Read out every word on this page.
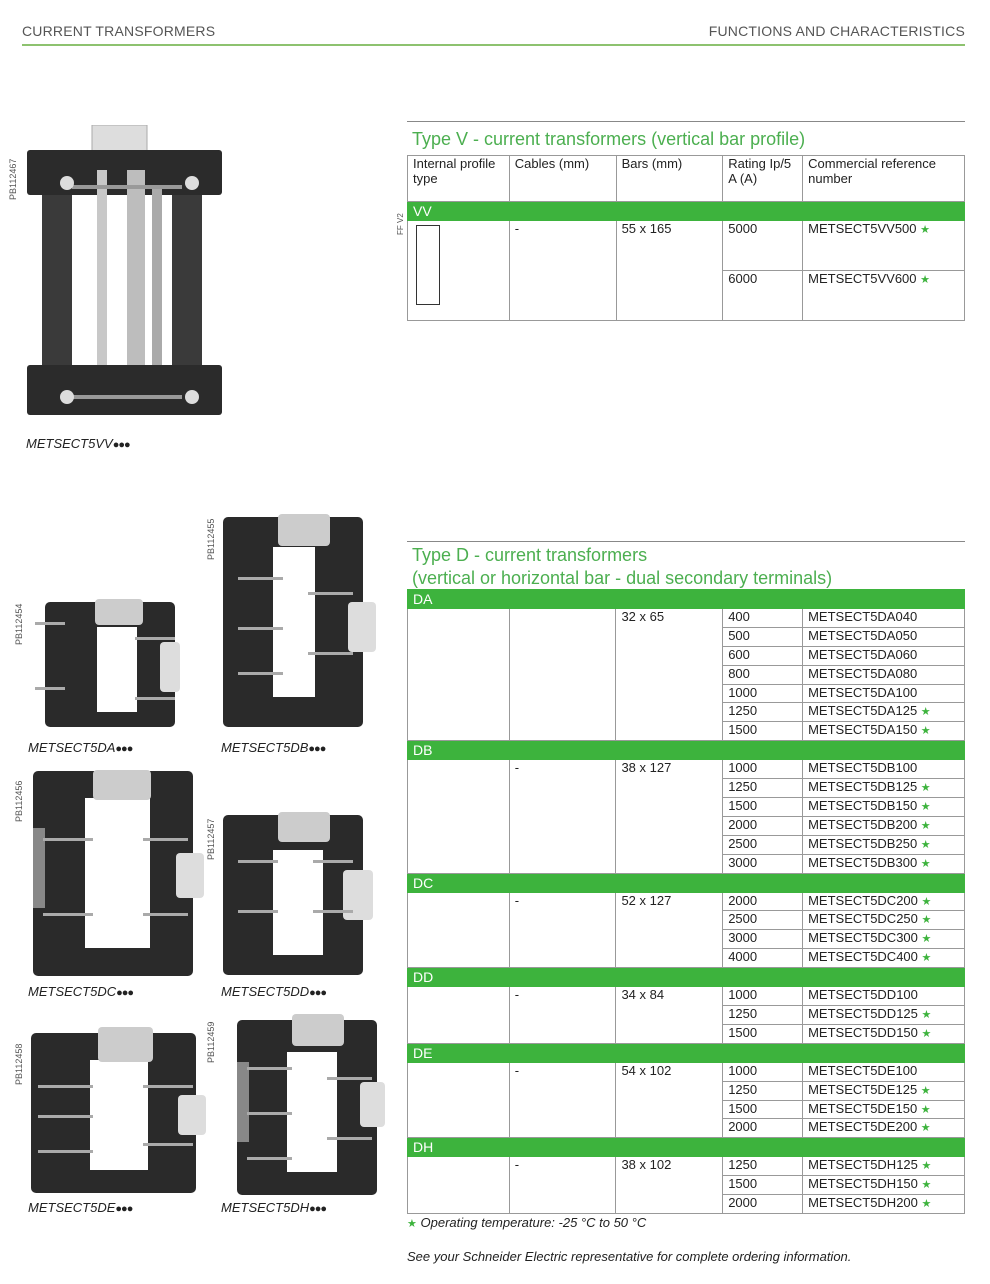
CURRENT TRANSFORMERS	FUNCTIONS AND CHARACTERISTICS
PB112467
METSECT5VV●●●
PB112454
METSECT5DA●●●
PB112455
METSECT5DB●●●
PB112456
METSECT5DC●●●
PB112457
METSECT5DD●●●
PB112458
METSECT5DE●●●
PB112459
METSECT5DH●●●
Type V - current transformers (vertical bar profile)
Internal profile type	Cables (mm)	Bars (mm)	Rating Ip/5 A (A)	Commercial reference number
VV				

	-	55 x 165	5000	METSECT5VV500 ★
			6000	METSECT5VV600 ★
FF V2
Type D - current transformers
(vertical or horizontal bar - dual secondary terminals)
DA				
		32 x 65	400	METSECT5DA040
			500	METSECT5DA050
			600	METSECT5DA060
			800	METSECT5DA080
			1000	METSECT5DA100
			1250	METSECT5DA125 ★
			1500	METSECT5DA150 ★
DB				
	-	38 x 127	1000	METSECT5DB100
			1250	METSECT5DB125 ★
			1500	METSECT5DB150 ★
			2000	METSECT5DB200 ★
			2500	METSECT5DB250 ★
			3000	METSECT5DB300 ★
DC				
	-	52 x 127	2000	METSECT5DC200 ★
			2500	METSECT5DC250 ★
			3000	METSECT5DC300 ★
			4000	METSECT5DC400 ★
DD				
	-	34 x 84	1000	METSECT5DD100
			1250	METSECT5DD125 ★
			1500	METSECT5DD150 ★
DE				
	-	54 x 102	1000	METSECT5DE100
			1250	METSECT5DE125 ★
			1500	METSECT5DE150 ★
			2000	METSECT5DE200 ★
DH				
	-	38 x 102	1250	METSECT5DH125 ★
			1500	METSECT5DH150 ★
			2000	METSECT5DH200 ★
★ Operating temperature: -25 °C to 50 °C
See your Schneider Electric representative for complete ordering information.
